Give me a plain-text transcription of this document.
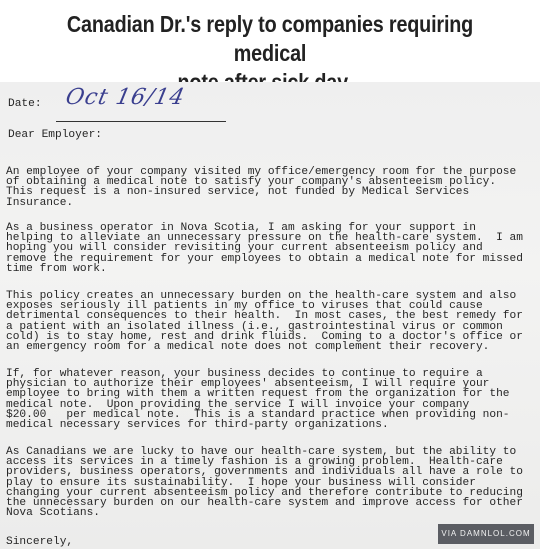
Canadian Dr.'s reply to companies requiring medical

Date: Oct 16/14
Dear Employer:

An employee of your company visited my office/emergency room for the purpose
of obtaining a medical note to satisfy your company's absenteeism policy.
This request is a non-insured service, not funded by Medical Services
Insurance.

As a business operator in Nova Scotia, I am asking for your support in
helping to alleviate an unnecessary pressure on the health-care system.  I am
hoping you will consider revisiting your current absenteeism policy and
remove the requirement for your employees to obtain a medical note for missed
time from work.

This policy creates an unnecessary burden on the health-care system and also
exposes seriously ill patients in my office to viruses that could cause
detrimental consequences to their health.  In most cases, the best remedy for
a patient with an isolated illness (i.e., gastrointestinal virus or common
cold) is to stay home, rest and drink fluids.  Coming to a doctor's office or
an emergency room for a medical note does not complement their recovery.

If, for whatever reason, your business decides to continue to require a
physician to authorize their employees' absenteeism, I will require your
employee to bring with them a written request from the organization for the
medical note.  Upon providing the service I will invoice your company
$20.00   per medical note.  This is a standard practice when providing non-
medical necessary services for third-party organizations.

As Canadians we are lucky to have our health-care system, but the ability to
access its services in a timely fashion is a growing problem.  Health-care
providers, business operators, governments and individuals all have a role to
play to ensure its sustainability.  I hope your business will consider
changing your current absenteeism policy and therefore contribute to reducing
the unnecessary burden on our health-care system and improve access for other
Nova Scotians.

Sincerely,
VIA DAMNLOL.COM
